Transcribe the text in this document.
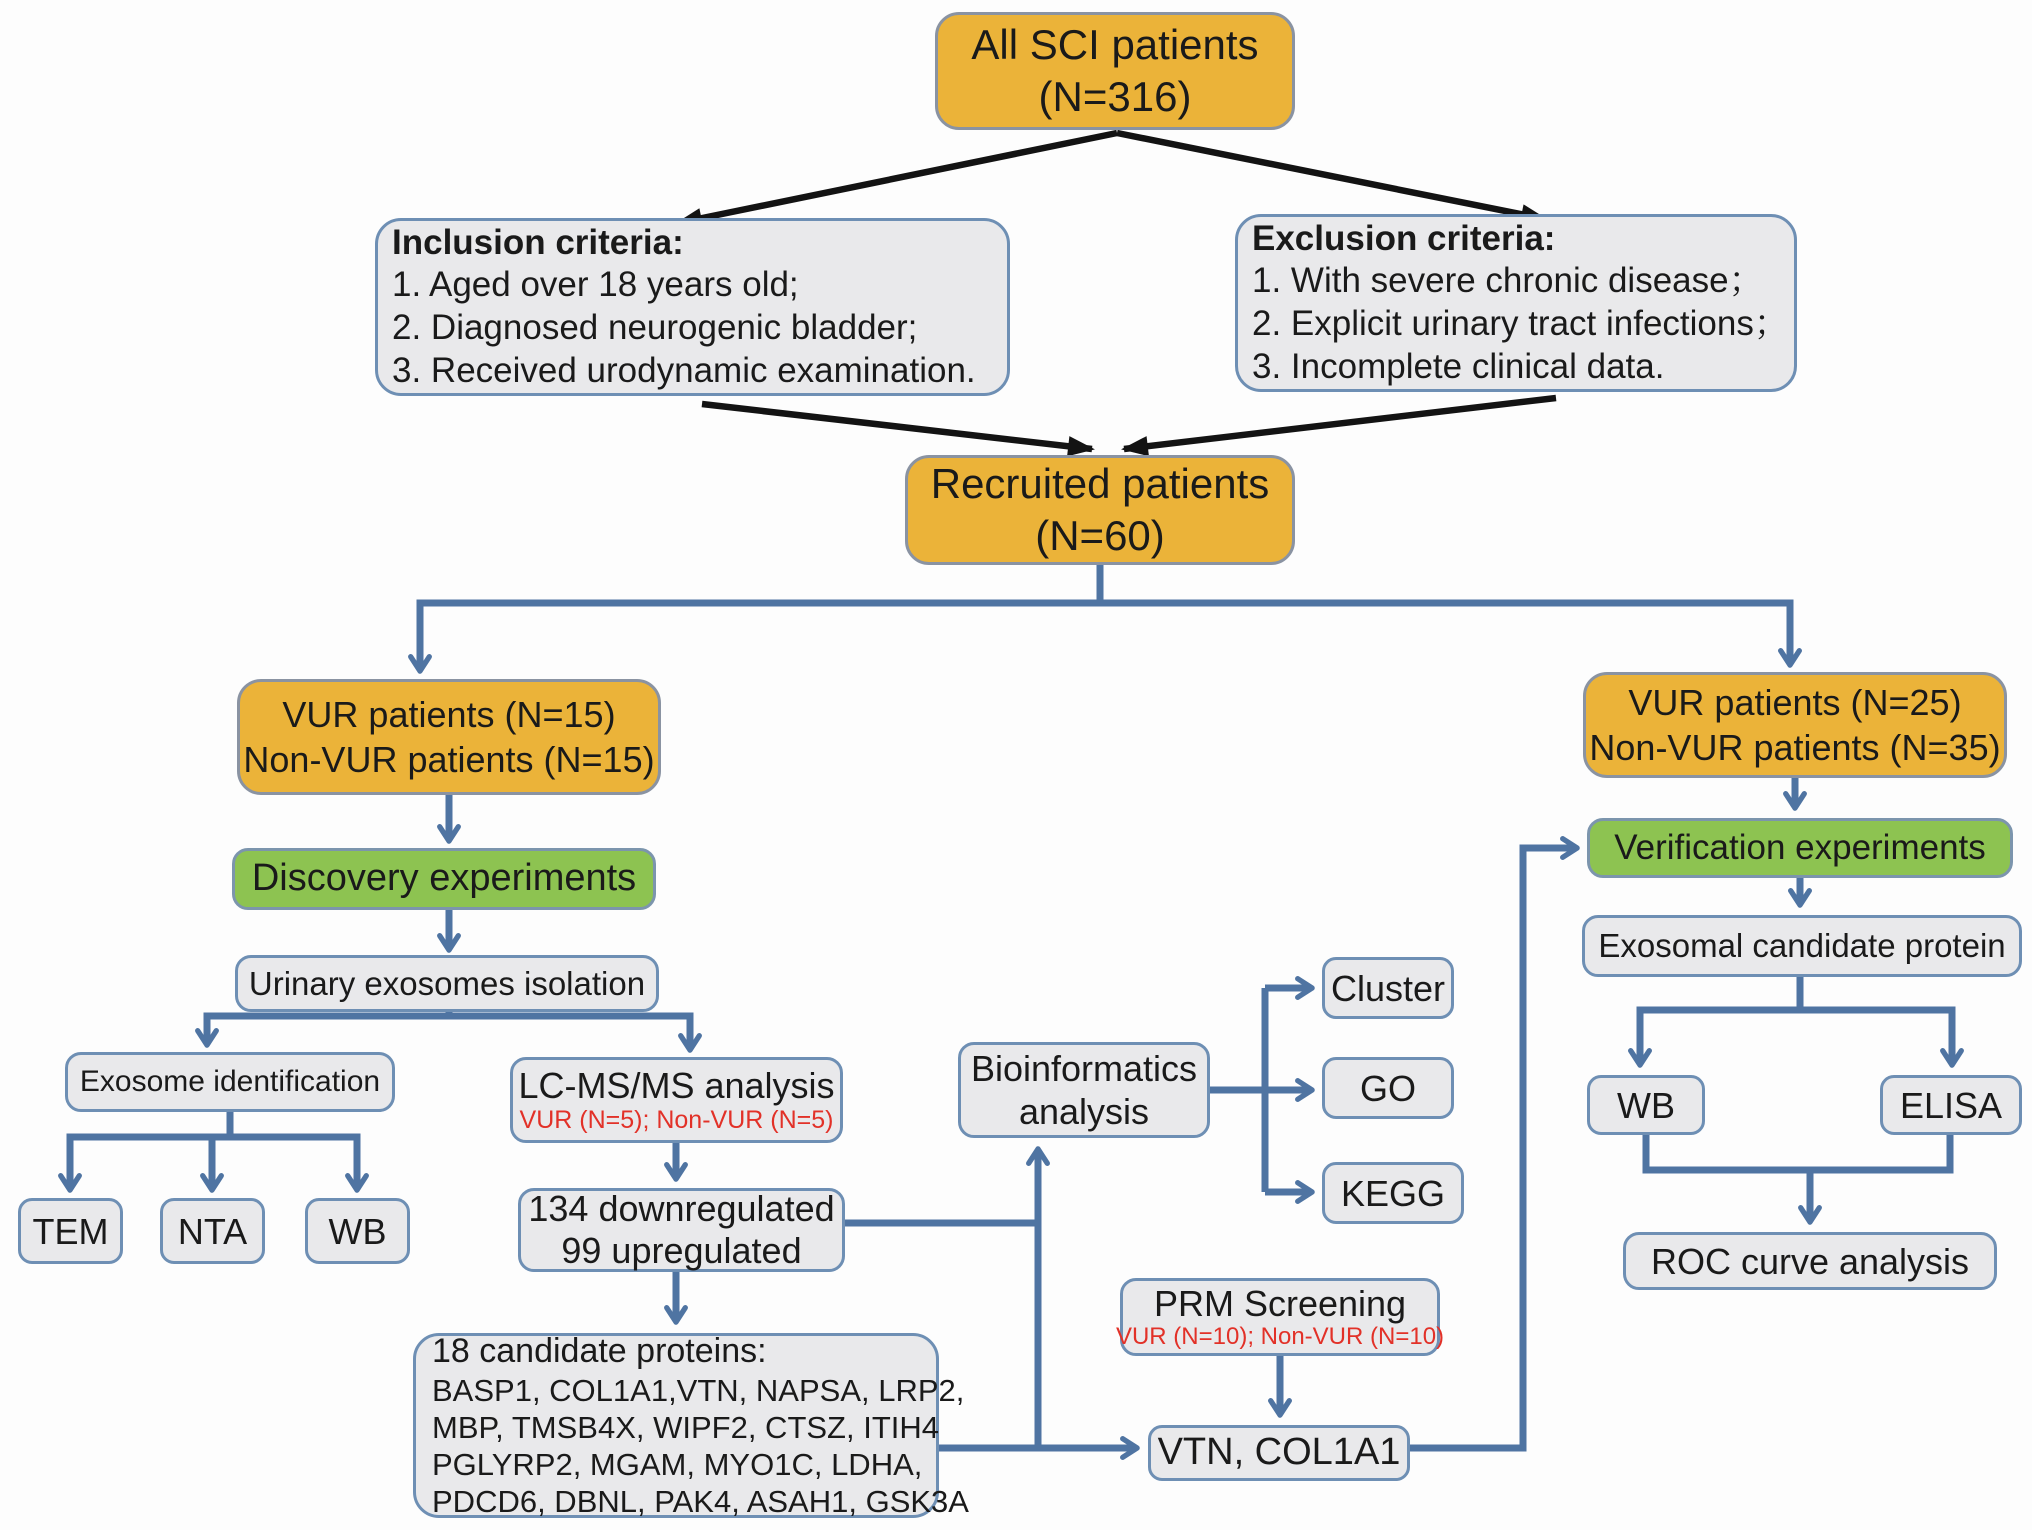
All SCI patients
(N=316)
Inclusion criteria:
1. Aged over 18 years old;
2. Diagnosed neurogenic bladder;
3. Received urodynamic examination.
Exclusion criteria:
1. With severe chronic disease；
2. Explicit urinary tract infections；
3. Incomplete clinical data.
Recruited patients
(N=60)
VUR patients (N=15)
Non-VUR patients (N=15)
VUR patients (N=25)
Non-VUR patients (N=35)
Discovery experiments
Verification experiments
Urinary exosomes isolation
Exosome identification	LC-MS/MS analysis
VUR (N=5); Non-VUR (N=5)
TEM NTA WB
134 downregulated
99 upregulated
18 candidate proteins:
BASP1, COL1A1,VTN, NAPSA, LRP2,
MBP, TMSB4X, WIPF2, CTSZ, ITIH4
PGLYRP2, MGAM, MYO1C, LDHA,
PDCD6, DBNL, PAK4, ASAH1, GSK3A
Bioinformatics
analysis
Cluster
GO
KEGG
PRM Screening
VUR (N=10); Non-VUR (N=10)
VTN, COL1A1
Exosomal candidate protein
WB	ELISA
ROC curve analysis
